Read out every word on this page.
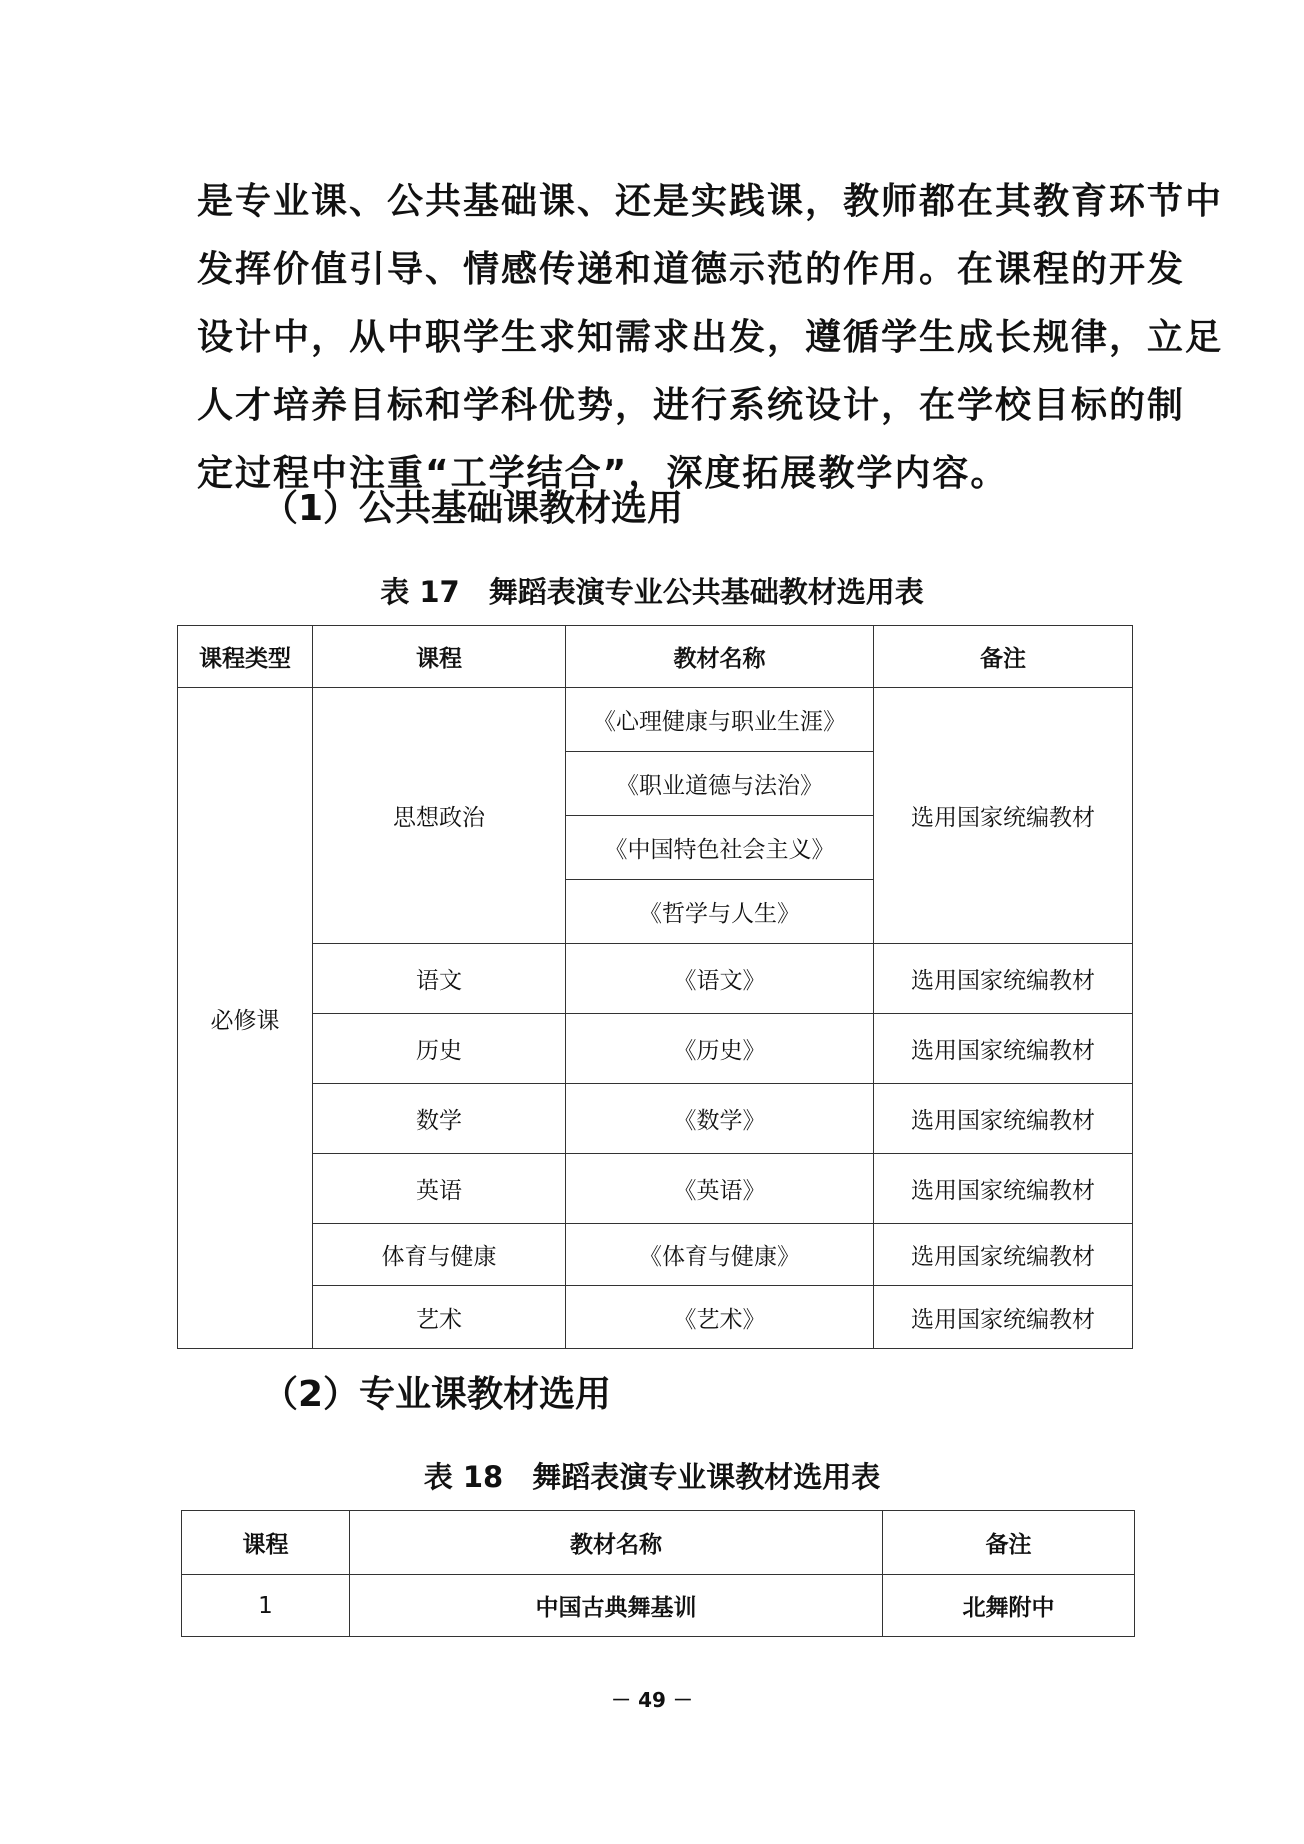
是专业课、公共基础课、还是实践课，教师都在其教育环节中
发挥价值引导、情感传递和道德示范的作用。在课程的开发
设计中，从中职学生求知需求出发，遵循学生成长规律，立足
人才培养目标和学科优势，进行系统设计，在学校目标的制
定过程中注重“工学结合”，深度拓展教学内容。
（1）公共基础课教材选用
表 17　舞蹈表演专业公共基础教材选用表
课程类型	课程	教材名称	备注
必修课	思想政治	《心理健康与职业生涯》	选用国家统编教材
		《职业道德与法治》	
		《中国特色社会主义》	
		《哲学与人生》	
	语文	《语文》	选用国家统编教材
	历史	《历史》	选用国家统编教材
	数学	《数学》	选用国家统编教材
	英语	《英语》	选用国家统编教材
	体育与健康	《体育与健康》	选用国家统编教材
	艺术	《艺术》	选用国家统编教材
（2）专业课教材选用
表 18　舞蹈表演专业课教材选用表
课程	教材名称	备注
1	中国古典舞基训	北舞附中
－ 49 －
